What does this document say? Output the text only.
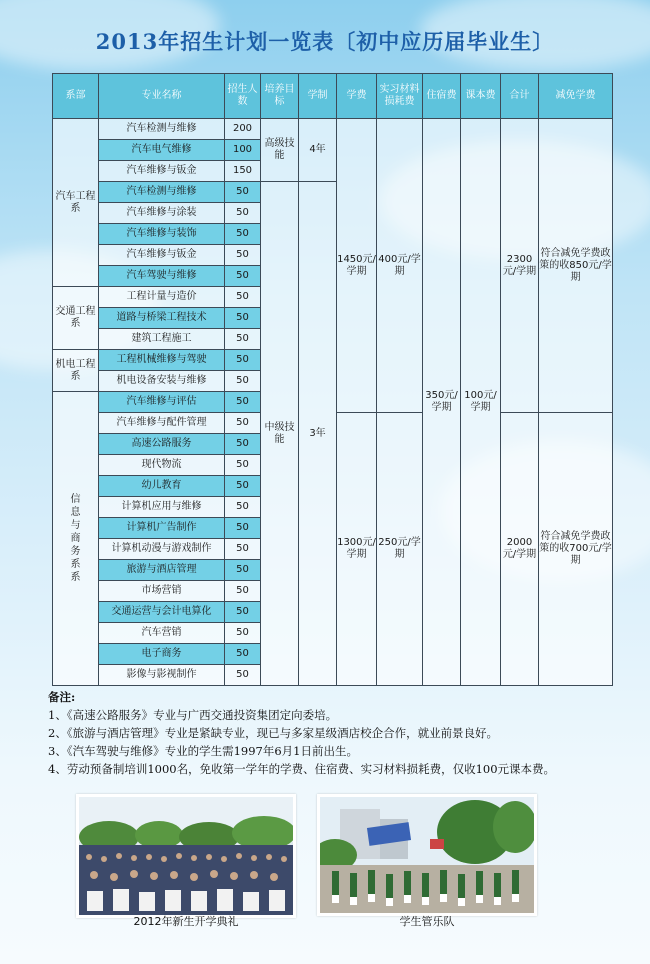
2013年招生计划一览表〔初中应历届毕业生〕
系部	专业名称	招生人数	培养目标	学制	学费	实习材料损耗费	住宿费	课本费	合计	减免学费
汽车工程系	汽车检测与维修	200	高级技能	4年	1450元/学期	400元/学期	350元/学期	100元/学期	2300元/学期	符合减免学费政策的收850元/学期
	汽车电气维修	100								
	汽车维修与钣金	150								
	汽车检测与维修	50	中级技能	3年						
	汽车维修与涂装	50								
	汽车维修与装饰	50								
	汽车维修与钣金	50								
	汽车驾驶与维修	50								
交通工程系	工程计量与造价	50								
	道路与桥梁工程技术	50								
	建筑工程施工	50								
机电工程系	工程机械维修与驾驶	50								
	机电设备安装与维修	50								
信息与商务系系	汽车维修与评估	50								
	汽车维修与配件管理	50			1300元/学期	250元/学期			2000元/学期	符合减免学费政策的收700元/学期
	高速公路服务	50								
	现代物流	50								
	幼儿教育	50								
	计算机应用与维修	50								
	计算机广告制作	50								
	计算机动漫与游戏制作	50								
	旅游与酒店管理	50								
	市场营销	50								
	交通运营与会计电算化	50								
	汽车营销	50								
	电子商务	50								
	影像与影视制作	50								
备注:
1、《高速公路服务》专业与广西交通投资集团定向委培。
2、《旅游与酒店管理》专业是紧缺专业，现已与多家星级酒店校企合作，就业前景良好。
3、《汽车驾驶与维修》专业的学生需1997年6月1日前出生。
4、劳动预备制培训1000名，免收第一学年的学费、住宿费、实习材料损耗费，仅收100元课本费。
2012年新生开学典礼	学生管乐队
